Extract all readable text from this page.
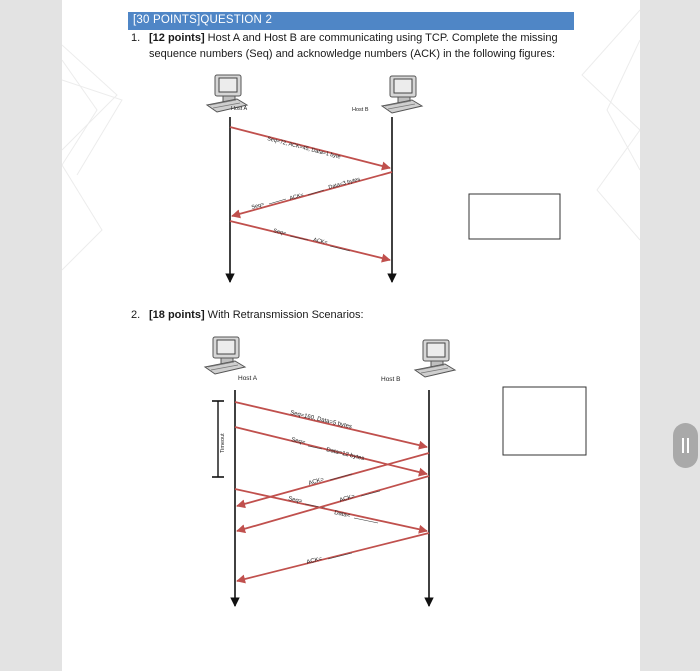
[30 POINTS]QUESTION 2
1. [12 points] Host A and Host B are communicating using TCP. Complete the missing sequence numbers (Seq) and acknowledge numbers (ACK) in the following figures:
2. [18 points] With Retransmission Scenarios:
Host A	Host B
Seq=72, ACK=45, Data=1 byte
Data=3 bytes
ACK=
Seq=
Seq=
ACK=
Host A	Host B
Timeout
Seq=160, Data=5 bytes
Seq=
Data=12 bytes
ACK=
Seq=
Data=
ACK=
ACK=
